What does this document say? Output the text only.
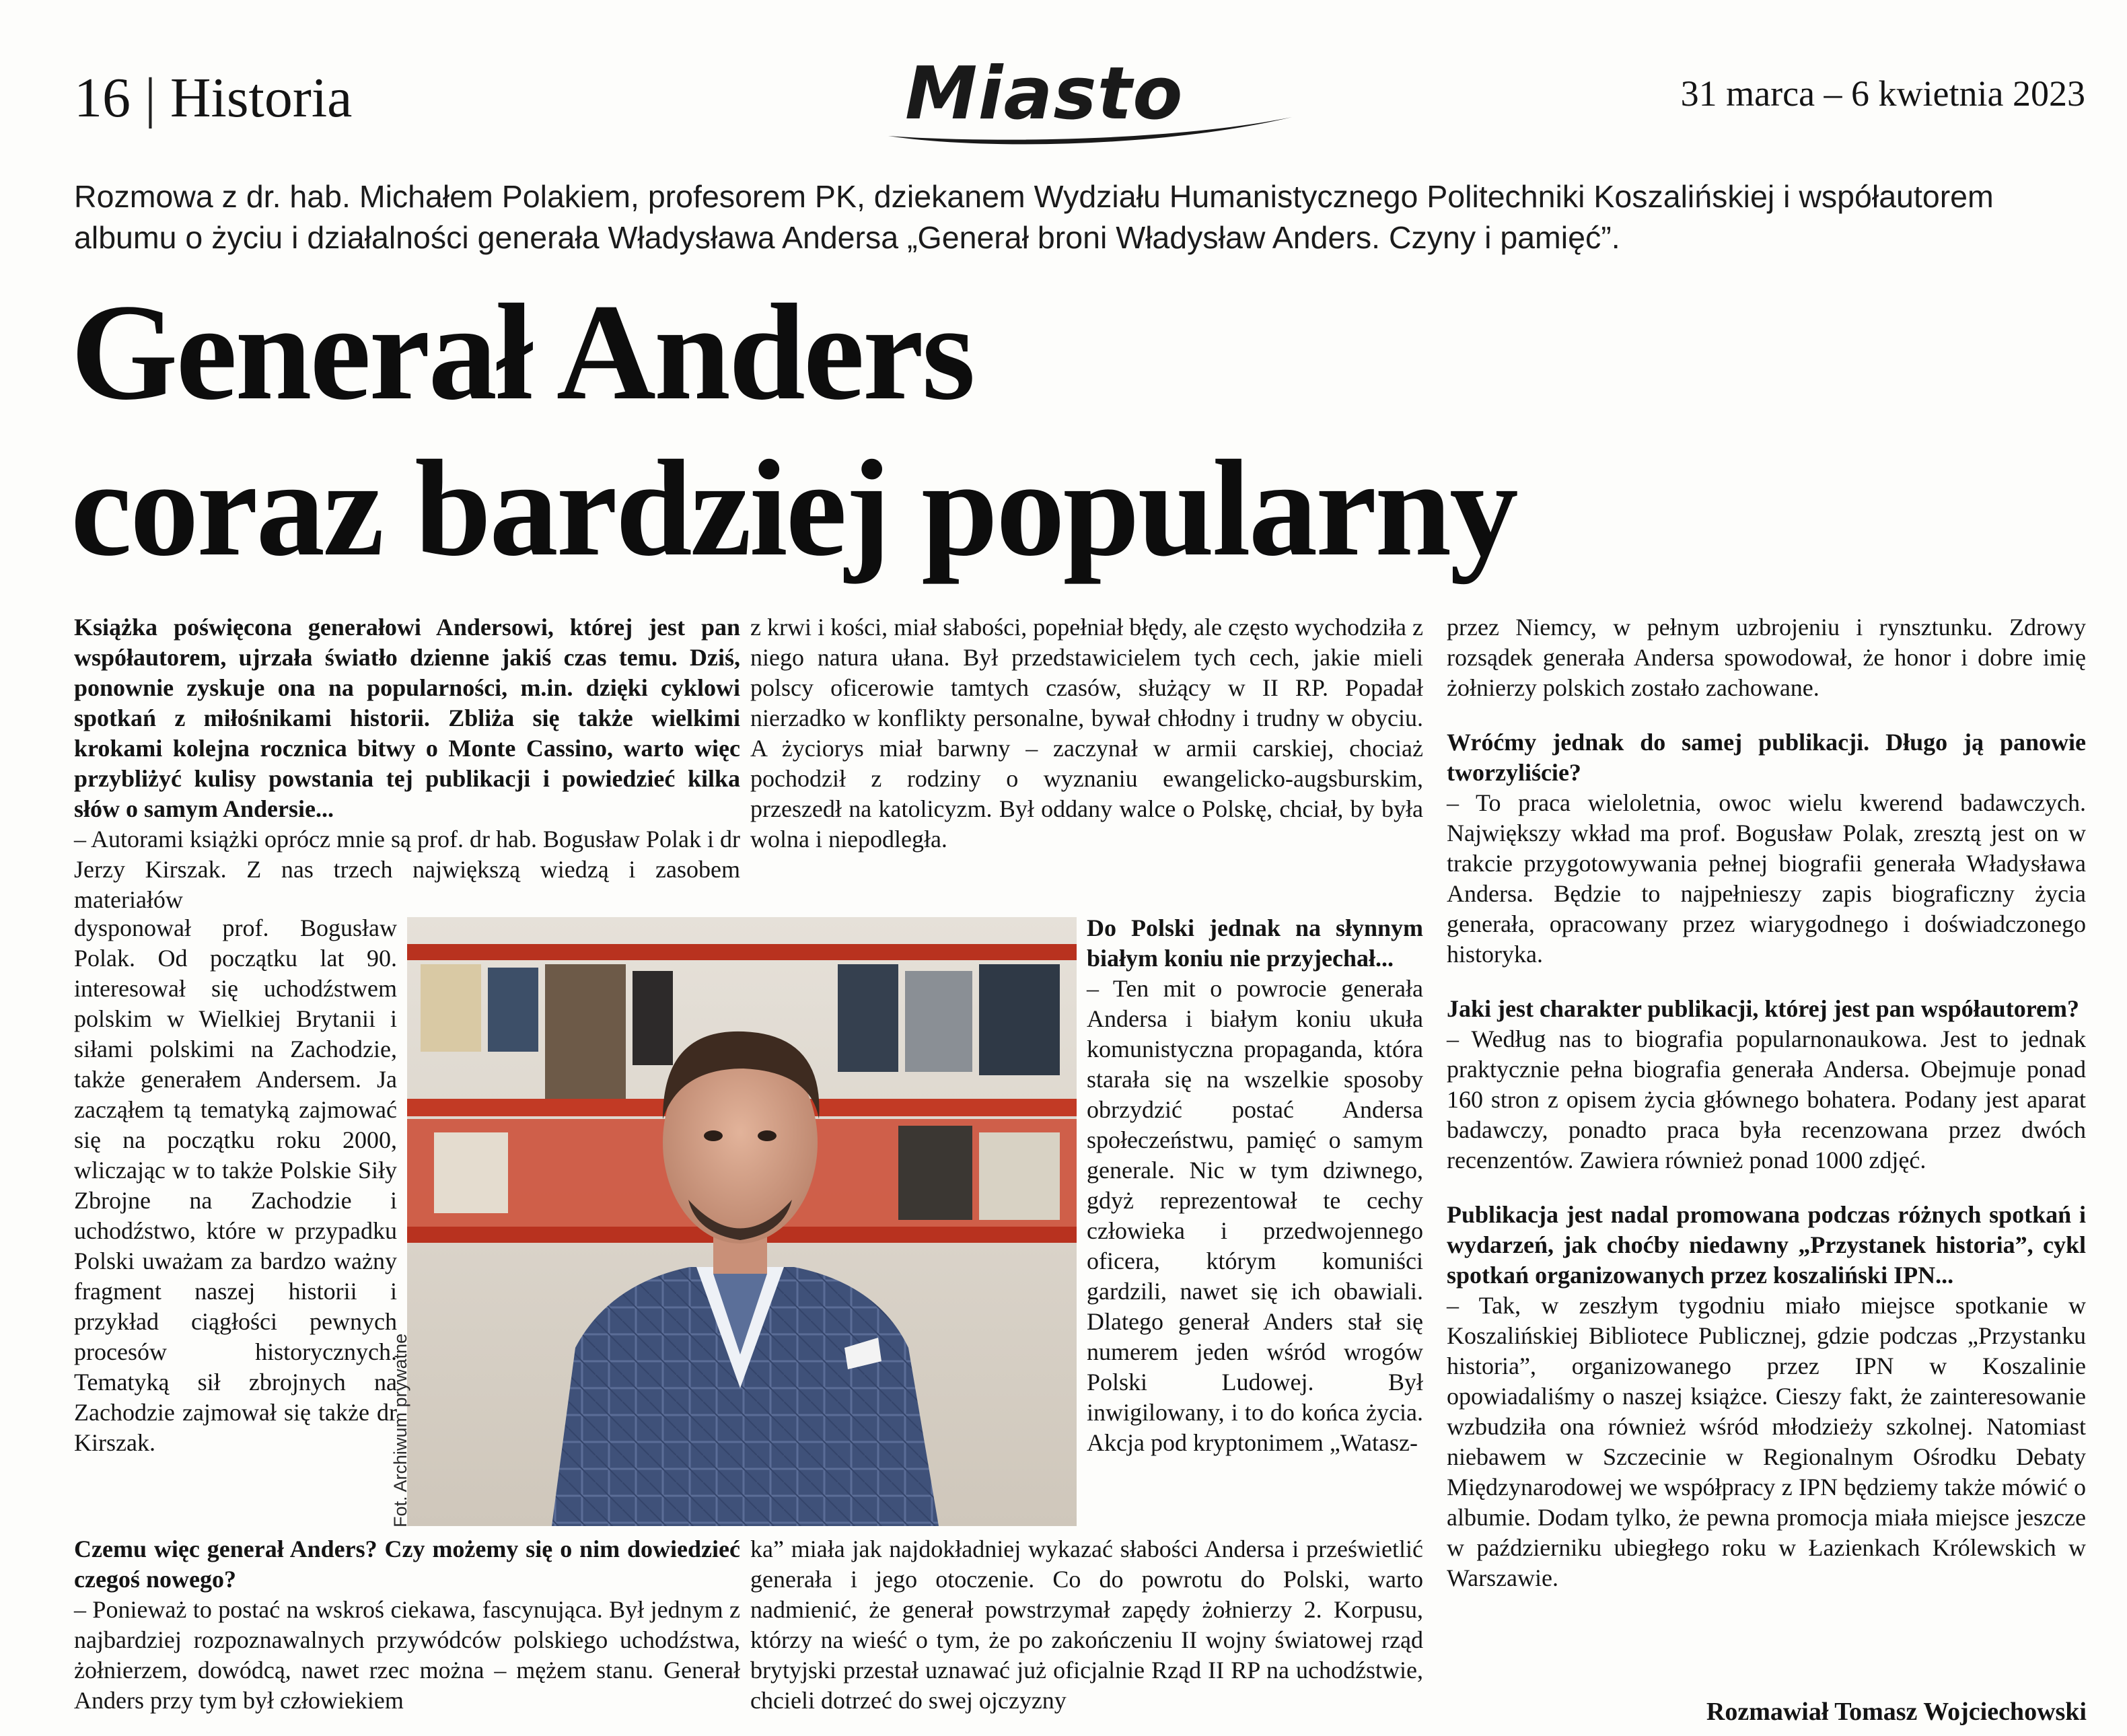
16 | Historia	Miasto	31 marca – 6 kwietnia 2023
Rozmowa z dr. hab. Michałem Polakiem, profesorem PK, dziekanem Wydziału Humanistycznego Politechniki Koszalińskiej i współautorem albumu o życiu i działalności generała Władysława Andersa „Generał broni Władysław Anders. Czyny i pamięć”.
Generał Anders
coraz bardziej popularny

Książka poświęcona generałowi Andersowi, której jest pan współautorem, ujrzała światło dzienne jakiś czas temu. Dziś, ponownie zyskuje ona na popularności, m.in. dzięki cyklowi spotkań z miłośnikami historii. Zbliża się także wielkimi krokami kolejna rocznica bitwy o Monte Cassino, warto więc przybliżyć kulisy powstania tej publikacji i powiedzieć kilka słów o samym Andersie...

– Autorami książki oprócz mnie są prof. dr hab. Bogusław Polak i dr Jerzy Kirszak. Z nas trzech największą wiedzą i zasobem materiałów

dysponował prof. Bogusław Polak. Od początku lat 90. interesował się uchodźstwem polskim w Wielkiej Brytanii i siłami polskimi na Zachodzie, także generałem Andersem. Ja zacząłem tą tematyką zajmować się na początku roku 2000, wliczając w to także Polskie Siły Zbrojne na Zachodzie i uchodźstwo, które w przypadku Polski uważam za bardzo ważny fragment naszej historii i przykład ciągłości pewnych procesów historycznych. Tematyką sił zbrojnych na Zachodzie zajmował się także dr Kirszak.

Czemu więc generał Anders? Czy możemy się o nim dowiedzieć czegoś nowego?

– Ponieważ to postać na wskroś ciekawa, fascynująca. Był jednym z najbardziej rozpoznawalnych przywódców polskiego uchodźstwa, żołnierzem, dowódcą, nawet rzec można – mężem stanu. Generał Anders przy tym był człowiekiem

Fot. Archiwum prywatne

z krwi i kości, miał słabości, popełniał błędy, ale często wychodziła z niego natura ułana. Był przedstawicielem tych cech, jakie mieli polscy oficerowie tamtych czasów, służący w II RP. Popadał nierzadko w konflikty personalne, bywał chłodny i trudny w obyciu. A życiorys miał barwny – zaczynał w armii carskiej, chociaż pochodził z rodziny o wyznaniu ewangelicko-augsburskim, przeszedł na katolicyzm. Był oddany walce o Polskę, chciał, by była wolna i niepodległa.

Do Polski jednak na słynnym białym koniu nie przyjechał...

– Ten mit o powrocie generała Andersa i białym koniu ukuła komunistyczna propaganda, która starała się na wszelkie sposoby obrzydzić postać Andersa społeczeństwu, pamięć o samym generale. Nic w tym dziwnego, gdyż reprezentował te cechy człowieka i przedwojennego oficera, którym komuniści gardzili, nawet się ich obawiali. Dlatego generał Anders stał się numerem jeden wśród wrogów Polski Ludowej. Był inwigilowany, i to do końca życia. Akcja pod kryptonimem „Watasz-

ka” miała jak najdokładniej wykazać słabości Andersa i prześwietlić generała i jego otoczenie. Co do powrotu do Polski, warto nadmienić, że generał powstrzymał zapędy żołnierzy 2. Korpusu, którzy na wieść o tym, że po zakończeniu II wojny światowej rząd brytyjski przestał uznawać już oficjalnie Rząd II RP na uchodźstwie, chcieli dotrzeć do swej ojczyzny

przez Niemcy, w pełnym uzbrojeniu i rynsztunku. Zdrowy rozsądek generała Andersa spowodował, że honor i dobre imię żołnierzy polskich zostało zachowane.

Wróćmy jednak do samej publikacji. Długo ją panowie tworzyliście?

– To praca wieloletnia, owoc wielu kwerend badawczych. Największy wkład ma prof. Bogusław Polak, zresztą jest on w trakcie przygotowywania pełnej biografii generała Władysława Andersa. Będzie to najpełnieszy zapis biograficzny życia generała, opracowany przez wiarygodnego i doświadczonego historyka.

Jaki jest charakter publikacji, której jest pan współautorem?

– Według nas to biografia popularnonaukowa. Jest to jednak praktycznie pełna biografia generała Andersa. Obejmuje ponad 160 stron z opisem życia głównego bohatera. Podany jest aparat badawczy, ponadto praca była recenzowana przez dwóch recenzentów. Zawiera również ponad 1000 zdjęć.

Publikacja jest nadal promowana podczas różnych spotkań i wydarzeń, jak choćby niedawny „Przystanek historia”, cykl spotkań organizowanych przez koszaliński IPN...

– Tak, w zeszłym tygodniu miało miejsce spotkanie w Koszalińskiej Bibliotece Publicznej, gdzie podczas „Przystanku historia”, organizowanego przez IPN w Koszalinie opowiadaliśmy o naszej książce. Cieszy fakt, że zainteresowanie wzbudziła ona również wśród młodzieży szkolnej. Natomiast niebawem w Szczecinie w Regionalnym Ośrodku Debaty Międzynarodowej we współpracy z IPN będziemy także mówić o albumie. Dodam tylko, że pewna promocja miała miejsce jeszcze w październiku ubiegłego roku w Łazienkach Królewskich w Warszawie.

Rozmawiał Tomasz Wojciechowski
